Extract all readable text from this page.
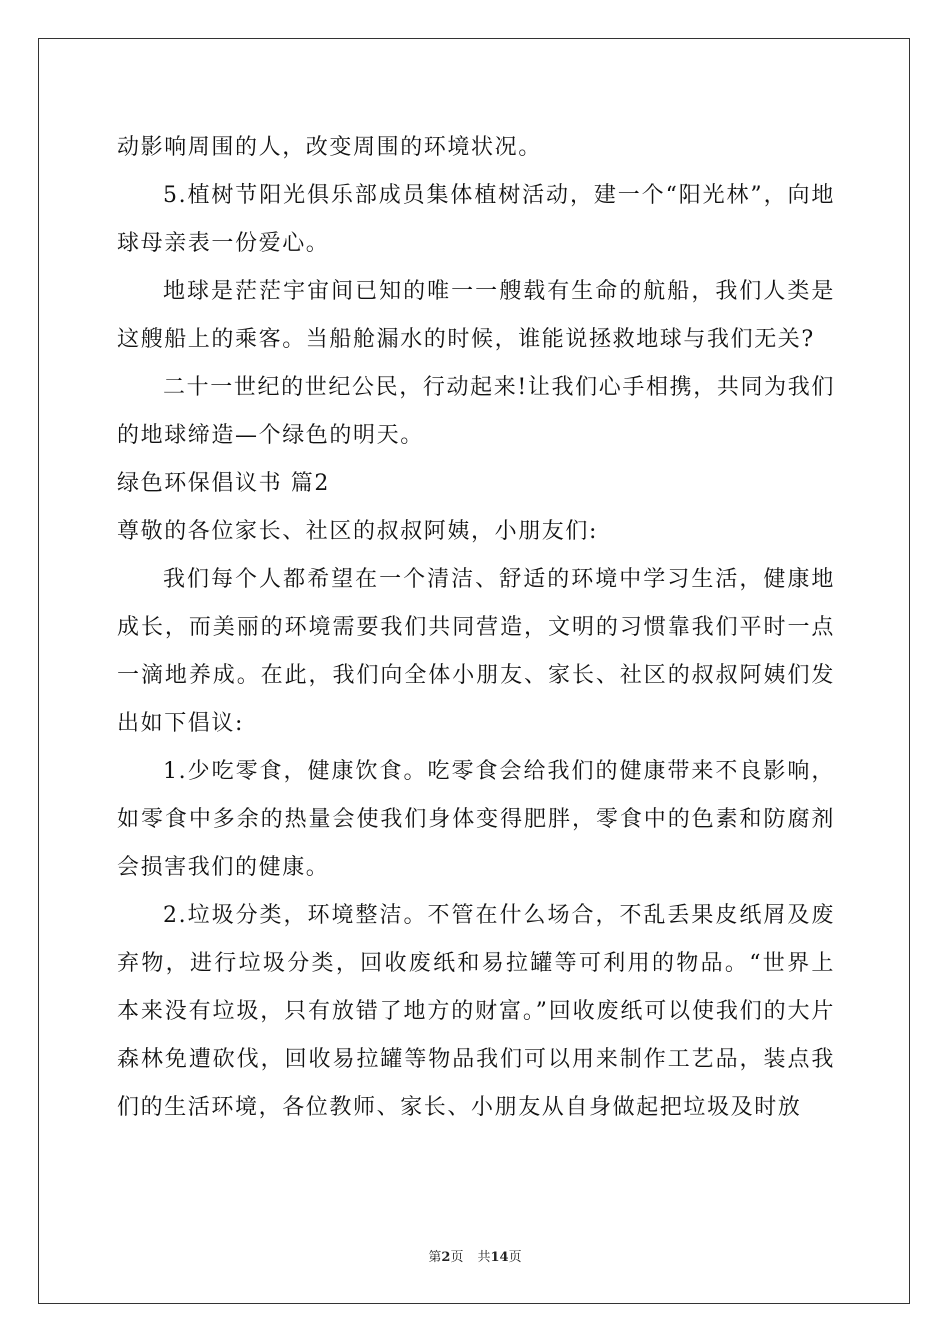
动影响周围的人，改变周围的环境状况。

5.植树节阳光俱乐部成员集体植树活动，建一个“阳光林”，向地球母亲表一份爱心。

地球是茫茫宇宙间已知的唯一一艘载有生命的航船，我们人类是这艘船上的乘客。当船舱漏水的时候，谁能说拯救地球与我们无关?

二十一世纪的世纪公民，行动起来!让我们心手相携，共同为我们的地球缔造—个绿色的明天。

绿色环保倡议书 篇2

尊敬的各位家长、社区的叔叔阿姨，小朋友们:

我们每个人都希望在一个清洁、舒适的环境中学习生活，健康地成长，而美丽的环境需要我们共同营造，文明的习惯靠我们平时一点一滴地养成。在此，我们向全体小朋友、家长、社区的叔叔阿姨们发出如下倡议:

1.少吃零食，健康饮食。吃零食会给我们的健康带来不良影响，如零食中多余的热量会使我们身体变得肥胖，零食中的色素和防腐剂会损害我们的健康。

2.垃圾分类，环境整洁。不管在什么场合，不乱丢果皮纸屑及废弃物，进行垃圾分类，回收废纸和易拉罐等可利用的物品。“世界上本来没有垃圾，只有放错了地方的财富。”回收废纸可以使我们的大片森林免遭砍伐，回收易拉罐等物品我们可以用来制作工艺品，装点我们的生活环境，各位教师、家长、小朋友从自身做起把垃圾及时放

第2页 共14页
